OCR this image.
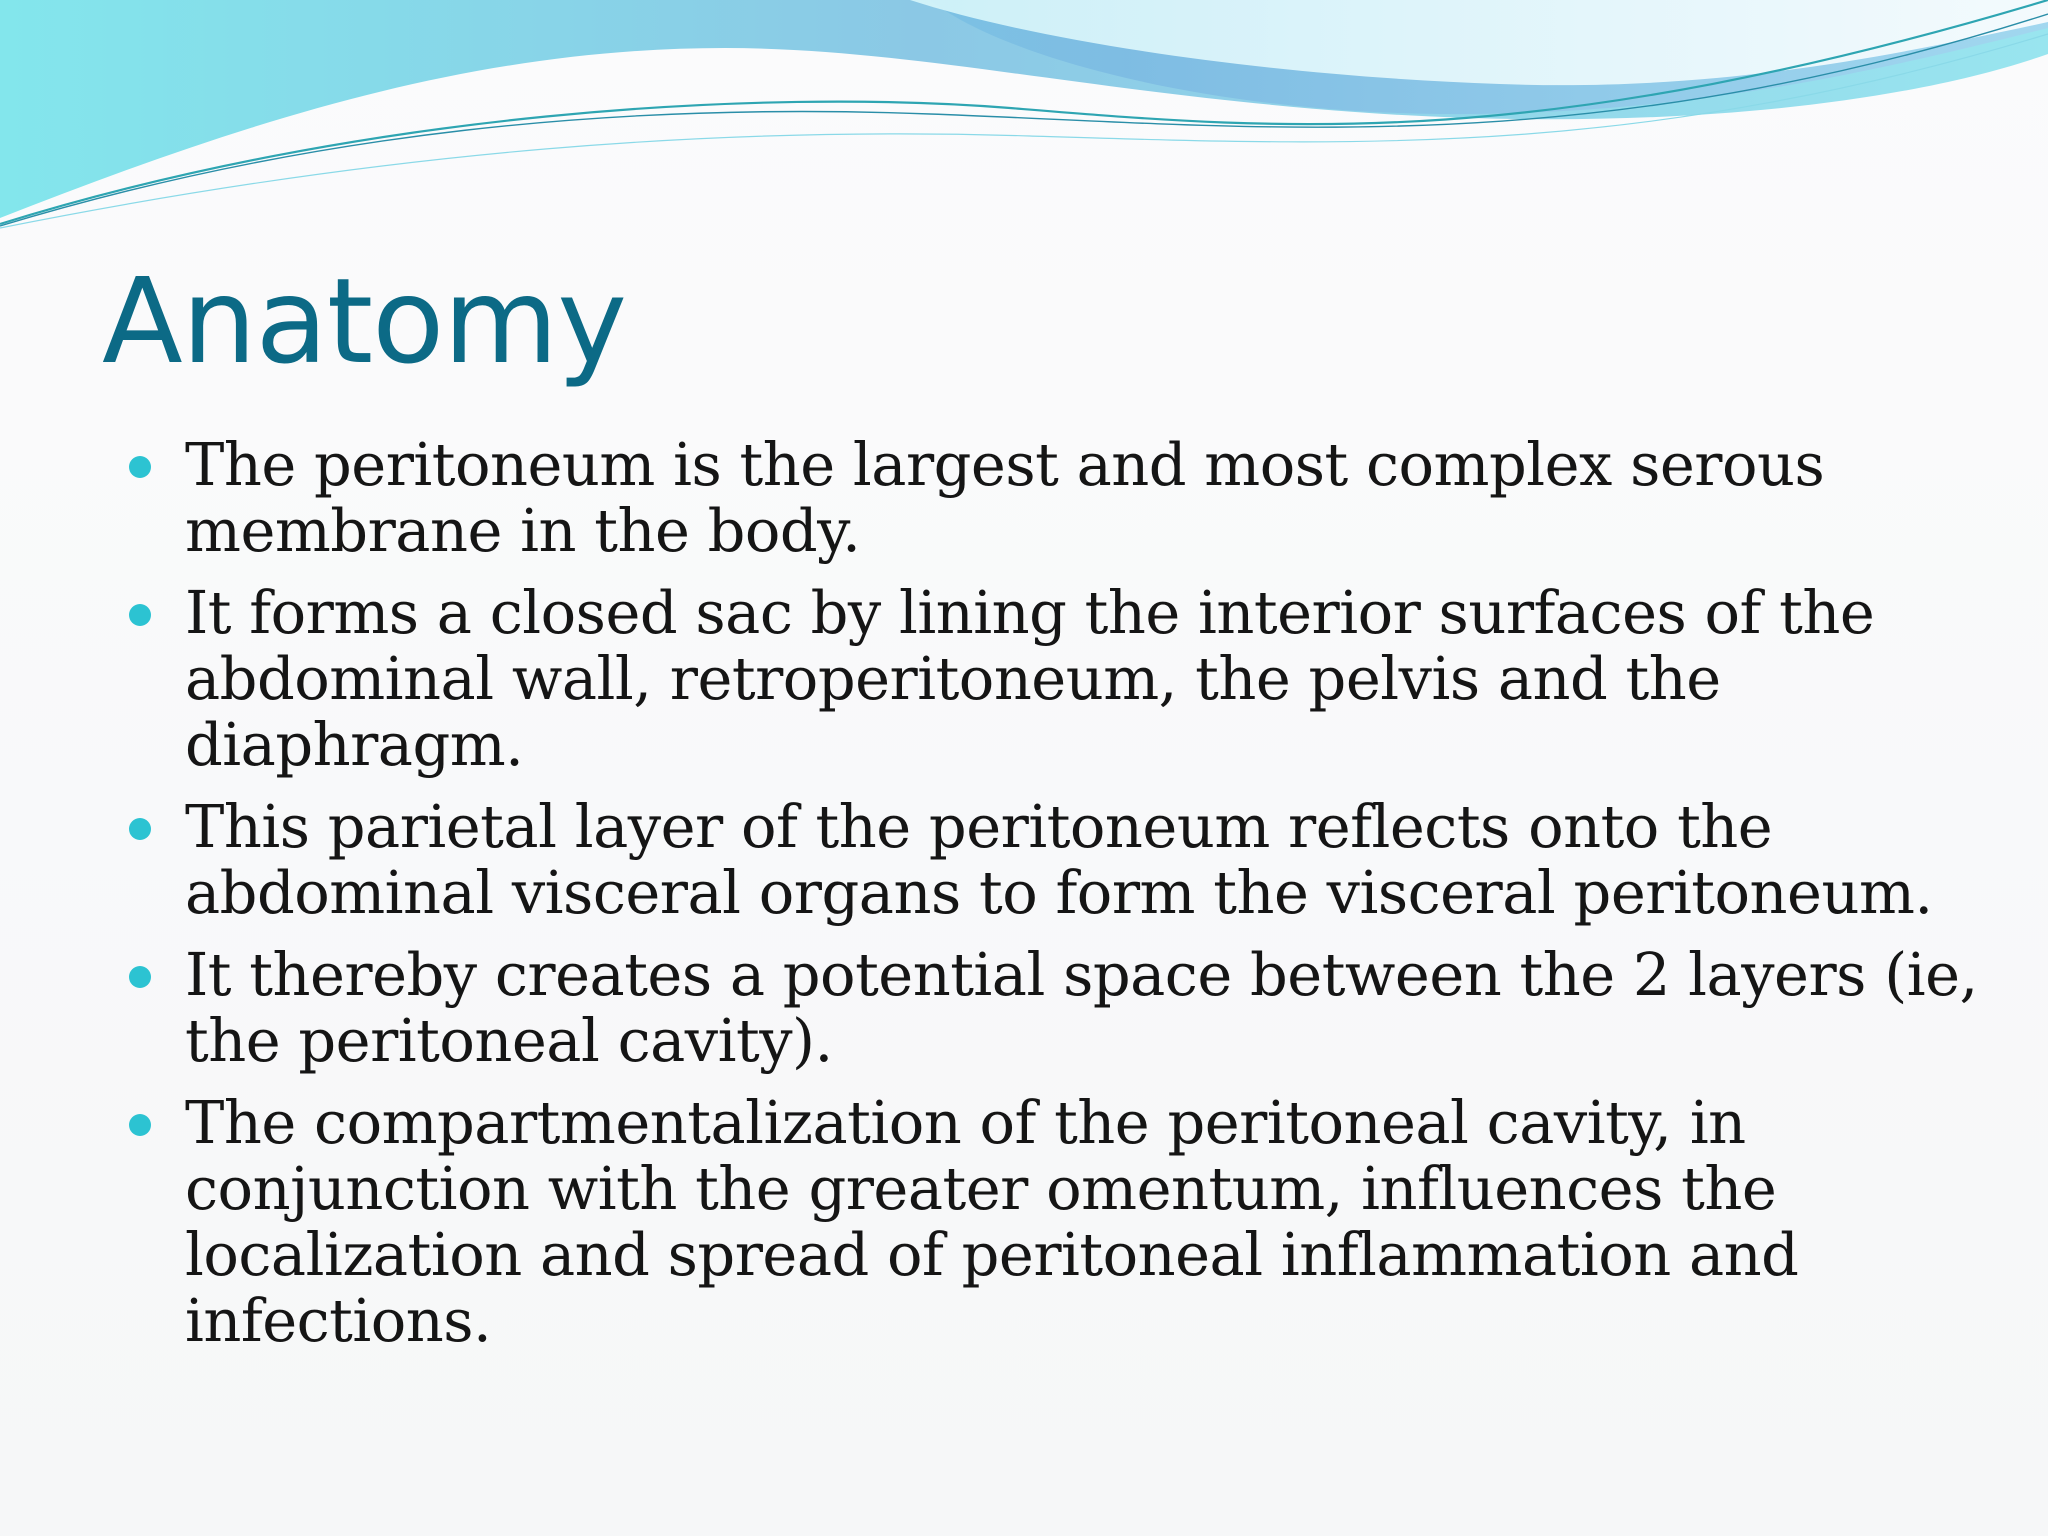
Anatomy
The peritoneum is the largest and most complex serous
membrane in the body.
It forms a closed sac by lining the interior surfaces of the
abdominal wall, retroperitoneum, the pelvis and the
diaphragm.
This parietal layer of the peritoneum reflects onto the
abdominal visceral organs to form the visceral peritoneum.
It thereby creates a potential space between the 2 layers (ie,
the peritoneal cavity).
The compartmentalization of the peritoneal cavity, in
conjunction with the greater omentum, influences the
localization and spread of peritoneal inflammation and
infections.
